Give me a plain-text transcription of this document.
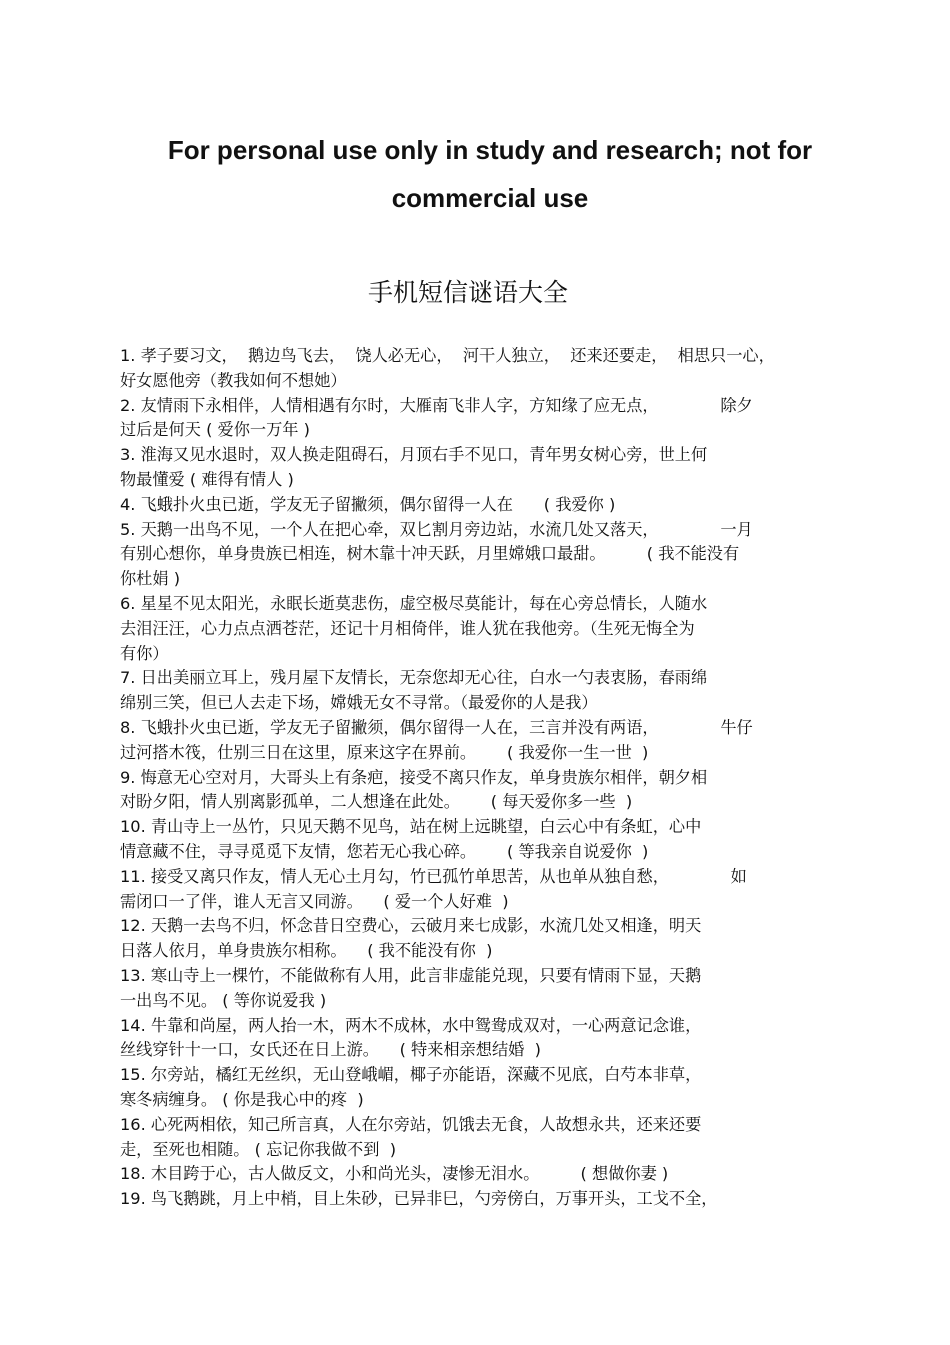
For personal use only in study and research; not for
commercial use
手机短信谜语大全
1. 孝子要习文，  鹅边鸟飞去，  饶人必无心，  河干人独立，  还来还要走，  相思只一心，
好女愿他旁（教我如何不想她）
2. 友情雨下永相伴，人情相遇有尔时，大雁南飞非人字，方知缘了应无点，            除夕
过后是何天 ( 爱你一万年 )
3. 淮海又见水退时，双人换走阻碍石，月顶右手不见口，青年男女树心旁，世上何
物最懂爱 ( 难得有情人 )
4. 飞蛾扑火虫已逝，学友无子留撇须，偶尔留得一人在      ( 我爱你 )
5. 天鹅一出鸟不见，一个人在把心牵，双匕割月旁边站，水流几处又落天，            一月
有别心想你，单身贵族已相连，树木靠十冲天跃，月里嫦娥口最甜。        ( 我不能没有
你杜娟 )
6. 星星不见太阳光，永眠长逝莫悲伤，虚空极尽莫能计，每在心旁总情长，人随水
去泪汪汪，心力点点洒苍茫，还记十月相倚伴，谁人犹在我他旁。（生死无悔全为
有你）
7. 日出美丽立耳上，残月屋下友情长，无奈您却无心往，白水一勺表衷肠，春雨绵
绵别三笑，但已人去走下场，嫦娥无女不寻常。（最爱你的人是我）
8. 飞蛾扑火虫已逝，学友无子留撇须，偶尔留得一人在，三言并没有两语，            牛仔
过河搭木筏，仕别三日在这里，原来这字在界前。      ( 我爱你一生一世  )
9. 悔意无心空对月，大哥头上有条疤，接受不离只作友，单身贵族尔相伴，朝夕相
对盼夕阳，情人别离影孤单，二人想逢在此处。      ( 每天爱你多一些  )
10. 青山寺上一丛竹，只见天鹅不见鸟，站在树上远眺望，白云心中有条虹，心中
情意藏不住，寻寻觅觅下友情，您若无心我心碎。      ( 等我亲自说爱你  )
11. 接受又离只作友，情人无心土月勾，竹已孤竹单思苦，从也单从独自愁，            如
需闭口一了伴，谁人无言又同游。    ( 爱一个人好难  )
12. 天鹅一去鸟不归，怀念昔日空费心，云破月来七成影，水流几处又相逢，明天
日落人依月，单身贵族尔相称。    ( 我不能没有你  )
13. 寒山寺上一棵竹，不能做称有人用，此言非虚能兑现，只要有情雨下显，天鹅
一出鸟不见。 ( 等你说爱我 )
14. 牛靠和尚屋，两人抬一木，两木不成林，水中鸳鸯成双对，一心两意记念谁，
丝线穿针十一口，女氏还在日上游。    ( 特来相亲想结婚  )
15. 尔旁站，橘红无丝织，无山登峨嵋，椰子亦能语，深藏不见底，白芍本非草，
寒冬病缠身。 ( 你是我心中的疼  )
16. 心死两相依，知己所言真，人在尔旁站，饥饿去无食，人故想永共，还来还要
走，至死也相随。 ( 忘记你我做不到  )
18. 木目跨于心，古人做反文，小和尚光头，凄惨无泪水。        ( 想做你妻 )
19. 鸟飞鹅跳，月上中梢，目上朱砂，已异非巳，勺旁傍白，万事开头，工戈不全，
